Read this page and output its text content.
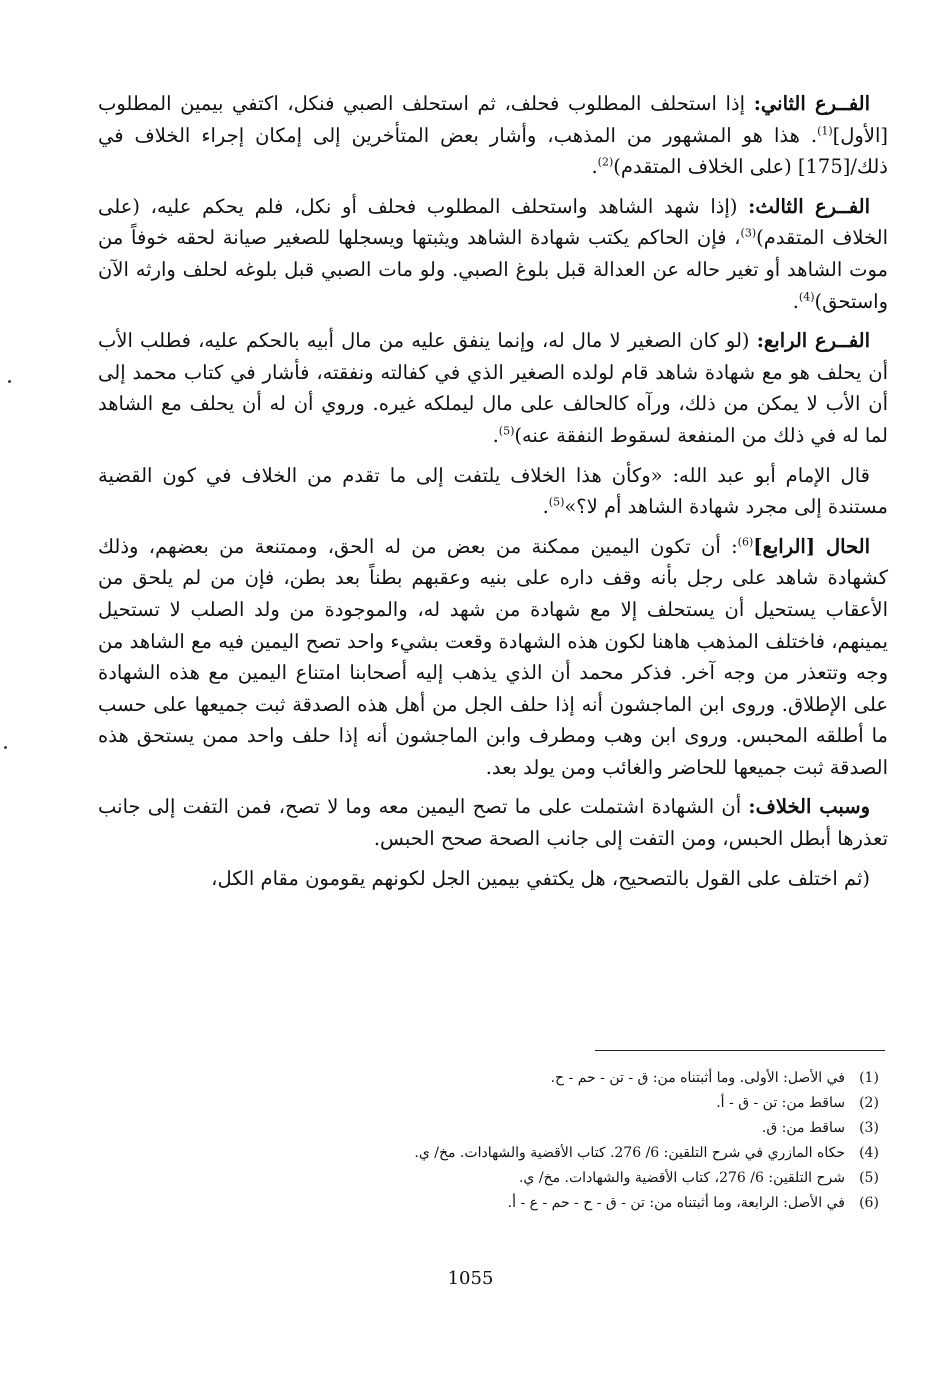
الفــرع الثاني: إذا استحلف المطلوب فحلف، ثم استحلف الصبي فنكل، اكتفي بيمين المطلوب [الأول]$^{(1)}$. هذا هو المشهور من المذهب، وأشار بعض المتأخرين إلى إمكان إجراء الخلاف في ذلك/[175] (على الخلاف المتقدم)$^{(2)}$.

الفــرع الثالث: (إذا شهد الشاهد واستحلف المطلوب فحلف أو نكل، فلم يحكم عليه، (على الخلاف المتقدم)$^{(3)}$، فإن الحاكم يكتب شهادة الشاهد ويثبتها ويسجلها للصغير صيانة لحقه خوفاً من موت الشاهد أو تغير حاله عن العدالة قبل بلوغ الصبي. ولو مات الصبي قبل بلوغه لحلف وارثه الآن واستحق)$^{(4)}$.

الفــرع الرابع: (لو كان الصغير لا مال له، وإنما ينفق عليه من مال أبيه بالحكم عليه، فطلب الأب أن يحلف هو مع شهادة شاهد قام لولده الصغير الذي في كفالته ونفقته، فأشار في كتاب محمد إلى أن الأب لا يمكن من ذلك، ورآه كالحالف على مال ليملكه غيره. وروي أن له أن يحلف مع الشاهد لما له في ذلك من المنفعة لسقوط النفقة عنه)$^{(5)}$.

قال الإمام أبو عبد الله: «وكأن هذا الخلاف يلتفت إلى ما تقدم من الخلاف في كون القضية مستندة إلى مجرد شهادة الشاهد أم لا؟»$^{(5)}$.

الحال [الرابع]$^{(6)}$: أن تكون اليمين ممكنة من بعض من له الحق، وممتنعة من بعضهم، وذلك كشهادة شاهد على رجل بأنه وقف داره على بنيه وعقبهم بطناً بعد بطن، فإن من لم يلحق من الأعقاب يستحيل أن يستحلف إلا مع شهادة من شهد له، والموجودة من ولد الصلب لا تستحيل يمينهم، فاختلف المذهب هاهنا لكون هذه الشهادة وقعت بشيء واحد تصح اليمين فيه مع الشاهد من وجه وتتعذر من وجه آخر. فذكر محمد أن الذي يذهب إليه أصحابنا امتناع اليمين مع هذه الشهادة على الإطلاق. وروى ابن الماجشون أنه إذا حلف الجل من أهل هذه الصدقة ثبت جميعها على حسب ما أطلقه المحبس. وروى ابن وهب ومطرف وابن الماجشون أنه إذا حلف واحد ممن يستحق هذه الصدقة ثبت جميعها للحاضر والغائب ومن يولد بعد.

وسبب الخلاف: أن الشهادة اشتملت على ما تصح اليمين معه وما لا تصح، فمن التفت إلى جانب تعذرها أبطل الحبس، ومن التفت إلى جانب الصحة صحح الحبس.

(ثم اختلف على القول بالتصحيح، هل يكتفي بيمين الجل لكونهم يقومون مقام الكل،

(1)
في الأصل: الأولى. وما أثبتناه من: ق - تن - حم - ح.
(2)
ساقط من: تن - ق - أ.
(3)
ساقط من: ق.
(4)
حكاه المازري في شرح التلقين: 6/ 276. كتاب الأقضية والشهادات. مخ/ ي.
(5)
شرح التلقين: 6/ 276، كتاب الأقضية والشهادات. مخ/ ي.
(6)
في الأصل: الرابعة، وما أثبتناه من: تن - ق - ح - حم - ع - أ.
1055
